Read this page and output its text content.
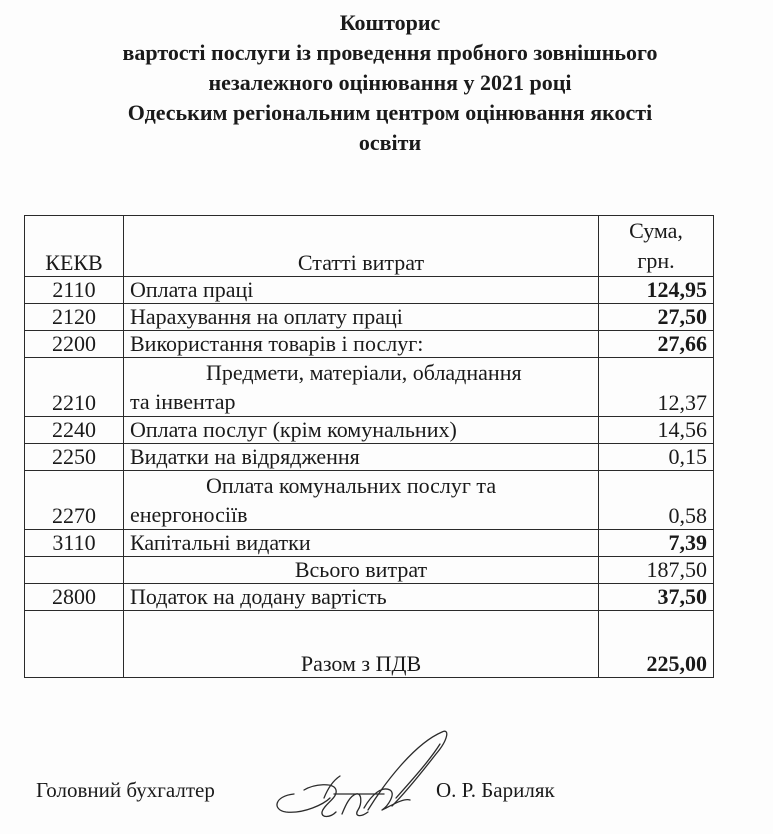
Кошторис
вартості послуги із проведення пробного зовнішнього
незалежного оцінювання у 2021 році
Одеським регіональним центром оцінювання якості
освіти
КЕКВ	Статті витрат	Сума,
грн.
2110	Оплата праці	124,95
2120	Нарахування на оплату праці	27,50
2200	Використання товарів і послуг:	27,66
2210	Предмети, матеріали, обладнання
та інвентар	12,37
2240	Оплата послуг (крім комунальних)	14,56
2250	Видатки на відрядження	0,15
2270	Оплата комунальних послуг та
енергоносіїв	0,58
3110	Капітальні видатки	7,39
	Всього витрат	187,50
2800	Податок на додану вартість	37,50
	Разом з ПДВ	225,00
Головний бухгалтер	О. Р. Бариляк
